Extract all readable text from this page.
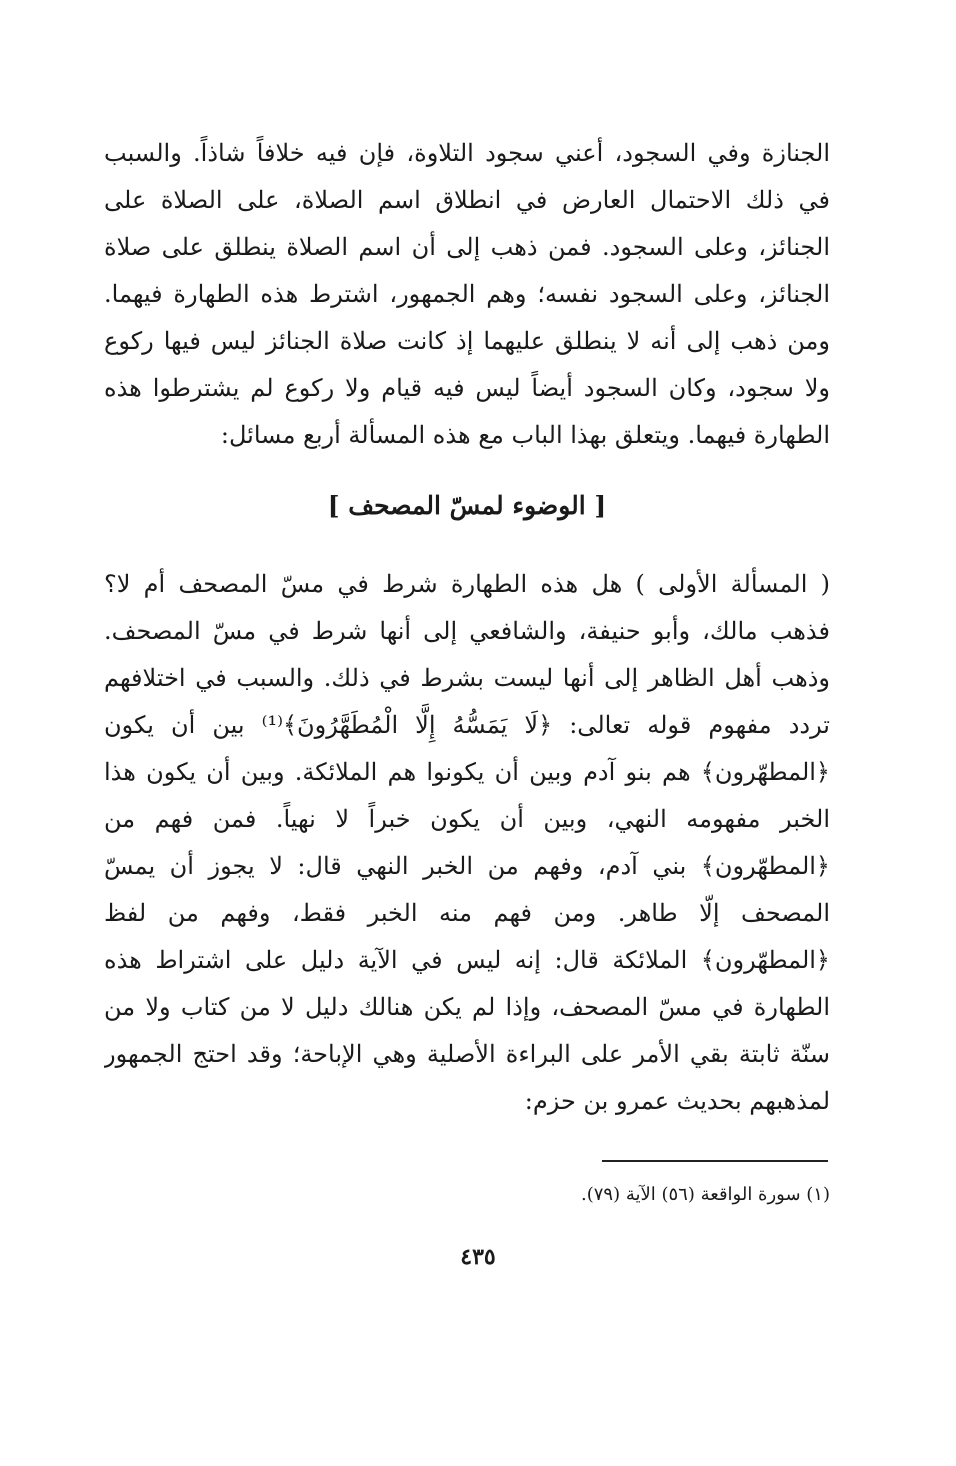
الجنازة وفي السجود، أعني سجود التلاوة، فإن فيه خلافاً شاذاً. والسبب
في ذلك الاحتمال العارض في انطلاق اسم الصلاة، على الصلاة على
الجنائز، وعلى السجود. فمن ذهب إلى أن اسم الصلاة ينطلق على صلاة
الجنائز، وعلى السجود نفسه؛ وهم الجمهور، اشترط هذه الطهارة فيهما.
ومن ذهب إلى أنه لا ينطلق عليهما إذ كانت صلاة الجنائز ليس فيها ركوع
ولا سجود، وكان السجود أيضاً ليس فيه قيام ولا ركوع لم يشترطوا هذه
الطهارة فيهما. ويتعلق بهذا الباب مع هذه المسألة أربع مسائل:
[ الوضوء لمسّ المصحف ]
( المسألة الأولى ) هل هذه الطهارة شرط في مسّ المصحف أم لا؟
فذهب مالك، وأبو حنيفة، والشافعي إلى أنها شرط في مسّ المصحف.
وذهب أهل الظاهر إلى أنها ليست بشرط في ذلك. والسبب في اختلافهم
تردد مفهوم قوله تعالى: ﴿لَا يَمَسُّهُ إِلَّا الْمُطَهَّرُونَ﴾⁽¹⁾ بين أن يكون
﴿المطهّرون﴾ هم بنو آدم وبين أن يكونوا هم الملائكة. وبين أن يكون هذا
الخبر مفهومه النهي، وبين أن يكون خبراً لا نهياً. فمن فهم من
﴿المطهّرون﴾ بني آدم، وفهم من الخبر النهي قال: لا يجوز أن يمسّ
المصحف إلّا طاهر. ومن فهم منه الخبر فقط، وفهم من لفظ
﴿المطهّرون﴾ الملائكة قال: إنه ليس في الآية دليل على اشتراط هذه
الطهارة في مسّ المصحف، وإذا لم يكن هنالك دليل لا من كتاب ولا من
سنّة ثابتة بقي الأمر على البراءة الأصلية وهي الإباحة؛ وقد احتج الجمهور
لمذهبهم بحديث عمرو بن حزم:
(١) سورة الواقعة (٥٦) الآية (٧٩).
٤٣٥
